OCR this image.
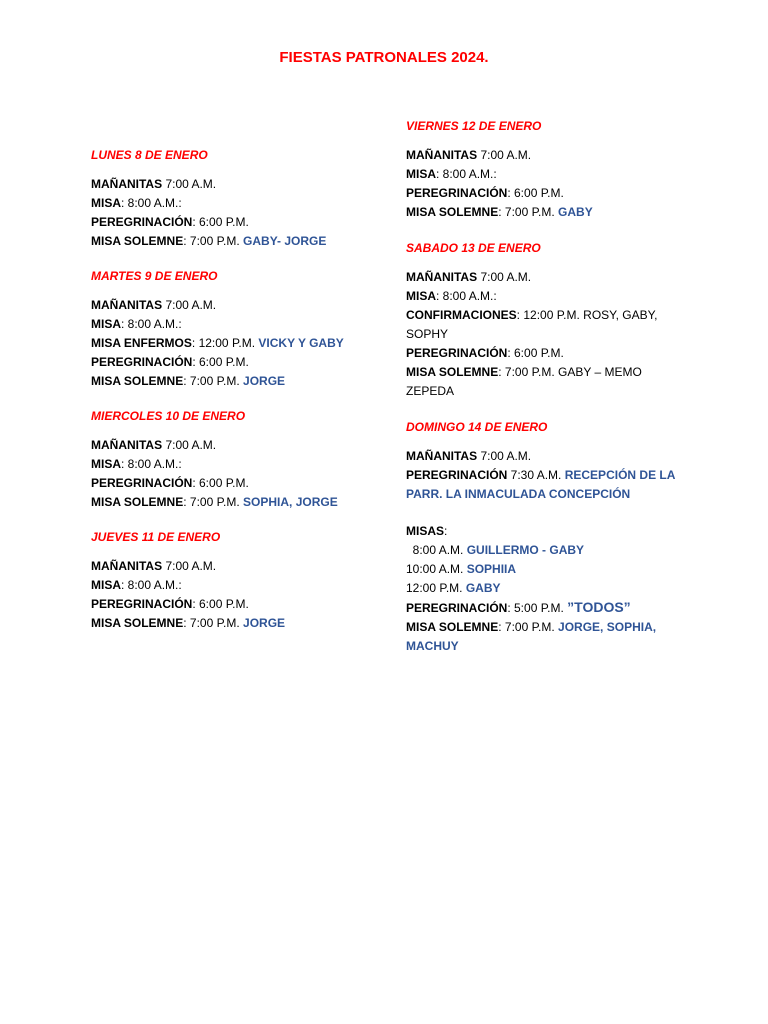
FIESTAS PATRONALES 2024.
LUNES 8 DE ENERO
MAÑANITAS 7:00 A.M.
MISA: 8:00 A.M.:
PEREGRINACIÓN: 6:00 P.M.
MISA SOLEMNE: 7:00 P.M. GABY- JORGE
MARTES 9 DE ENERO
MAÑANITAS 7:00 A.M.
MISA: 8:00 A.M.:
MISA ENFERMOS: 12:00 P.M. VICKY Y GABY
PEREGRINACIÓN: 6:00 P.M.
MISA SOLEMNE: 7:00 P.M. JORGE
MIERCOLES 10 DE ENERO
MAÑANITAS 7:00 A.M.
MISA: 8:00 A.M.:
PEREGRINACIÓN: 6:00 P.M.
MISA SOLEMNE: 7:00 P.M. SOPHIA, JORGE
JUEVES 11 DE ENERO
MAÑANITAS 7:00 A.M.
MISA: 8:00 A.M.:
PEREGRINACIÓN: 6:00 P.M.
MISA SOLEMNE: 7:00 P.M. JORGE
VIERNES 12 DE ENERO
MAÑANITAS 7:00 A.M.
MISA: 8:00 A.M.:
PEREGRINACIÓN: 6:00 P.M.
MISA SOLEMNE: 7:00 P.M. GABY
SABADO 13 DE ENERO
MAÑANITAS 7:00 A.M.
MISA: 8:00 A.M.:
CONFIRMACIONES: 12:00 P.M. ROSY, GABY,
SOPHY
PEREGRINACIÓN: 6:00 P.M.
MISA SOLEMNE: 7:00 P.M. GABY – MEMO
ZEPEDA
DOMINGO 14 DE ENERO
MAÑANITAS 7:00 A.M.
PEREGRINACIÓN 7:30 A.M. RECEPCIÓN DE LA
PARR. LA INMACULADA CONCEPCIÓN
MISAS:
8:00 A.M. GUILLERMO - GABY
10:00 A.M. SOPHIIA
12:00 P.M. GABY
PEREGRINACIÓN: 5:00 P.M. ”TODOS”
MISA SOLEMNE: 7:00 P.M. JORGE, SOPHIA,
MACHUY
